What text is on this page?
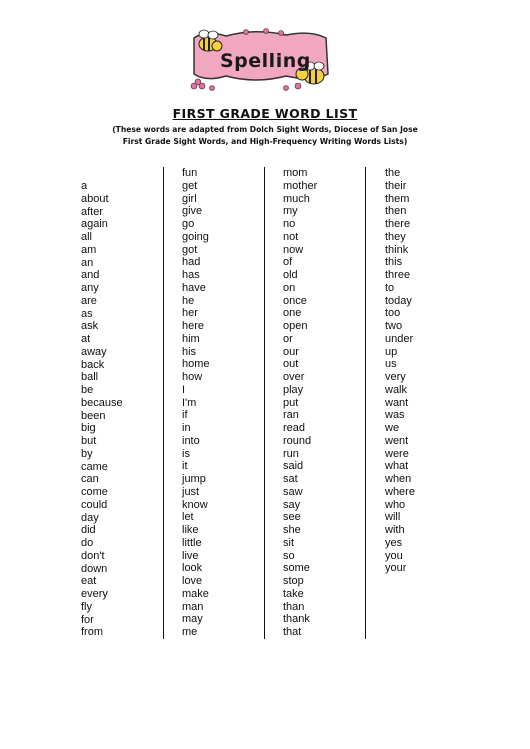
Spelling
FIRST GRADE WORD LIST
(These words are adapted from Dolch Sight Words, Diocese of San Jose
First Grade Sight Words, and High-Frequency Writing Words Lists)
a
about
after
again
all
am
an
and
any
are
as
ask
at
away
back
ball
be
because
been
big
but
by
came
can
come
could
day
did
do
don't
down
eat
every
fly
for
from
fun
get
girl
give
go
going
got
had
has
have
he
her
here
him
his
home
how
I
I'm
if
in
into
is
it
jump
just
know
let
like
little
live
look
love
make
man
may
me
mom
mother
much
my
no
not
now
of
old
on
once
one
open
or
our
out
over
play
put
ran
read
round
run
said
sat
saw
say
see
she
sit
so
some
stop
take
than
thank
that
the
their
them
then
there
they
think
this
three
to
today
too
two
under
up
us
very
walk
want
was
we
went
were
what
when
where
who
will
with
yes
you
your
